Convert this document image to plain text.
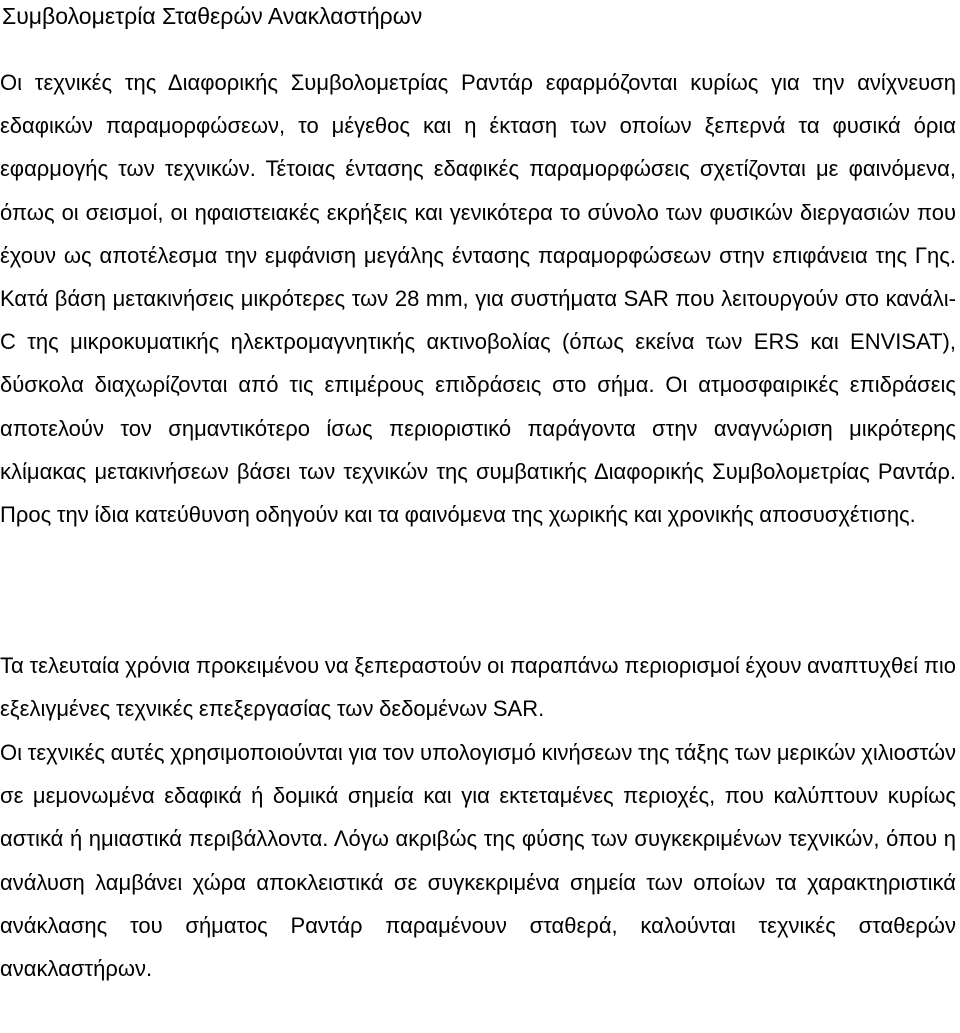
Συμβολομετρία Σταθερών Ανακλαστήρων

Οι τεχνικές της Διαφορικής Συμβολομετρίας Ραντάρ εφαρμόζονται κυρίως για την ανίχνευση εδαφικών παραμορφώσεων, το μέγεθος και η έκταση των οποίων ξεπερνά τα φυσικά όρια εφαρμογής των τεχνικών. Τέτοιας έντασης εδαφικές παραμορφώσεις σχετίζονται με φαινόμενα, όπως οι σεισμοί, οι ηφαιστειακές εκρήξεις και γενικότερα το σύνολο των φυσικών διεργασιών που έχουν ως αποτέλεσμα την εμφάνιση μεγάλης έντασης παραμορφώσεων στην επιφάνεια της Γης. Κατά βάση μετακινήσεις μικρότερες των 28 mm, για συστήματα SAR που λειτουργούν στο κανάλι-C της μικροκυματικής ηλεκτρομαγνητικής ακτινοβολίας (όπως εκείνα των ERS και ENVISAT), δύσκολα διαχωρίζονται από τις επιμέρους επιδράσεις στο σήμα. Οι ατμοσφαιρικές επιδράσεις αποτελούν τον σημαντικότερο ίσως περιοριστικό παράγοντα στην αναγνώριση μικρότερης κλίμακας μετακινήσεων βάσει των τεχνικών της συμβατικής Διαφορικής Συμβολομετρίας Ραντάρ. Προς την ίδια κατεύθυνση οδηγούν και τα φαινόμενα της χωρικής και χρονικής αποσυσχέτισης.

Τα τελευταία χρόνια προκειμένου να ξεπεραστούν οι παραπάνω περιορισμοί έχουν αναπτυχθεί πιο εξελιγμένες τεχνικές επεξεργασίας των δεδομένων SAR.

Οι τεχνικές αυτές χρησιμοποιούνται για τον υπολογισμό κινήσεων της τάξης των μερικών χιλιοστών σε μεμονωμένα εδαφικά ή δομικά σημεία και για εκτεταμένες περιοχές, που καλύπτουν κυρίως αστικά ή ημιαστικά περιβάλλοντα. Λόγω ακριβώς της φύσης των συγκεκριμένων τεχνικών, όπου η ανάλυση λαμβάνει χώρα αποκλειστικά σε συγκεκριμένα σημεία των οποίων τα χαρακτηριστικά ανάκλασης του σήματος Ραντάρ παραμένουν σταθερά, καλούνται τεχνικές σταθερών ανακλαστήρων.
